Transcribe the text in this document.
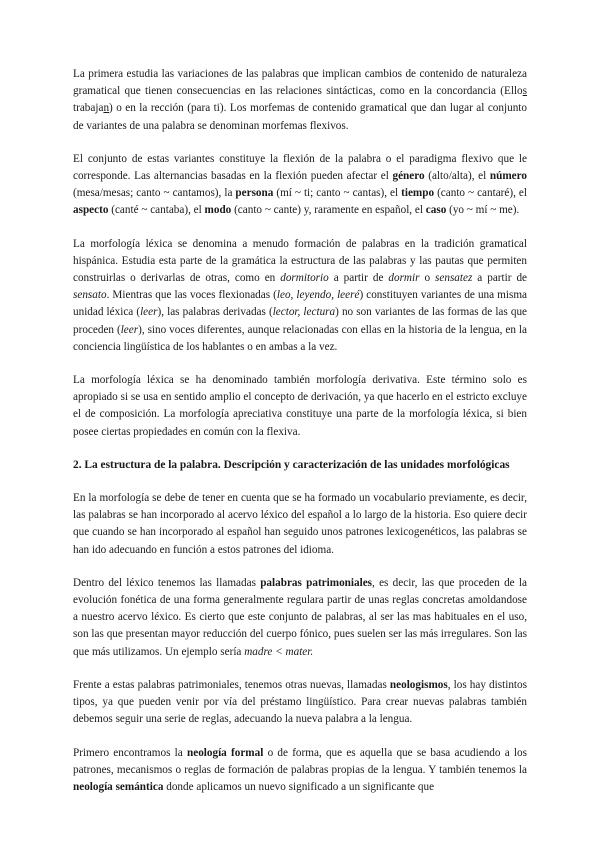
La primera estudia las variaciones de las palabras que implican cambios de contenido de naturaleza gramatical que tienen consecuencias en las relaciones sintácticas, como en la concordancia (Ellos trabajan) o en la rección (para ti). Los morfemas de contenido gramatical que dan lugar al conjunto de variantes de una palabra se denominan morfemas flexivos.

El conjunto de estas variantes constituye la flexión de la palabra o el paradigma flexivo que le corresponde. Las alternancias basadas en la flexión pueden afectar el género (alto/alta), el número (mesa/mesas; canto ~ cantamos), la persona (mí ~ ti; canto ~ cantas), el tiempo (canto ~ cantaré), el aspecto (canté ~ cantaba), el modo (canto ~ cante) y, raramente en español, el caso (yo ~ mí ~ me).

La morfología léxica se denomina a menudo formación de palabras en la tradición gramatical hispánica. Estudia esta parte de la gramática la estructura de las palabras y las pautas que permiten construirlas o derivarlas de otras, como en dormitorio a partir de dormir o sensatez a partir de sensato. Mientras que las voces flexionadas (leo, leyendo, leeré) constituyen variantes de una misma unidad léxica (leer), las palabras derivadas (lector, lectura) no son variantes de las formas de las que proceden (leer), sino voces diferentes, aunque relacionadas con ellas en la historia de la lengua, en la conciencia lingüística de los hablantes o en ambas a la vez.

La morfología léxica se ha denominado también morfología derivativa. Este término solo es apropiado si se usa en sentido amplio el concepto de derivación, ya que hacerlo en el estricto excluye el de composición. La morfología apreciativa constituye una parte de la morfología léxica, si bien posee ciertas propiedades en común con la flexiva.

2. La estructura de la palabra. Descripción y caracterización de las unidades morfológicas

En la morfología se debe de tener en cuenta que se ha formado un vocabulario previamente, es decir, las palabras se han incorporado al acervo léxico del español a lo largo de la historia. Eso quiere decir que cuando se han incorporado al español han seguido unos patrones lexicogenéticos, las palabras se han ido adecuando en función a estos patrones del idioma.

Dentro del léxico tenemos las llamadas palabras patrimoniales, es decir, las que proceden de la evolución fonética de una forma generalmente regulara partir de unas reglas concretas amoldandose a nuestro acervo léxico. Es cierto que este conjunto de palabras, al ser las mas habituales en el uso, son las que presentan mayor reducción del cuerpo fónico, pues suelen ser las más irregulares. Son las que más utilizamos. Un ejemplo sería madre < mater.

Frente a estas palabras patrimoniales, tenemos otras nuevas, llamadas neologismos, los hay distintos tipos, ya que pueden venir por vía del préstamo lingüístico. Para crear nuevas palabras también debemos seguir una serie de reglas, adecuando la nueva palabra a la lengua.

Primero encontramos la neología formal o de forma, que es aquella que se basa acudiendo a los patrones, mecanismos o reglas de formación de palabras propias de la lengua. Y también tenemos la neología semántica donde aplicamos un nuevo significado a un significante que
